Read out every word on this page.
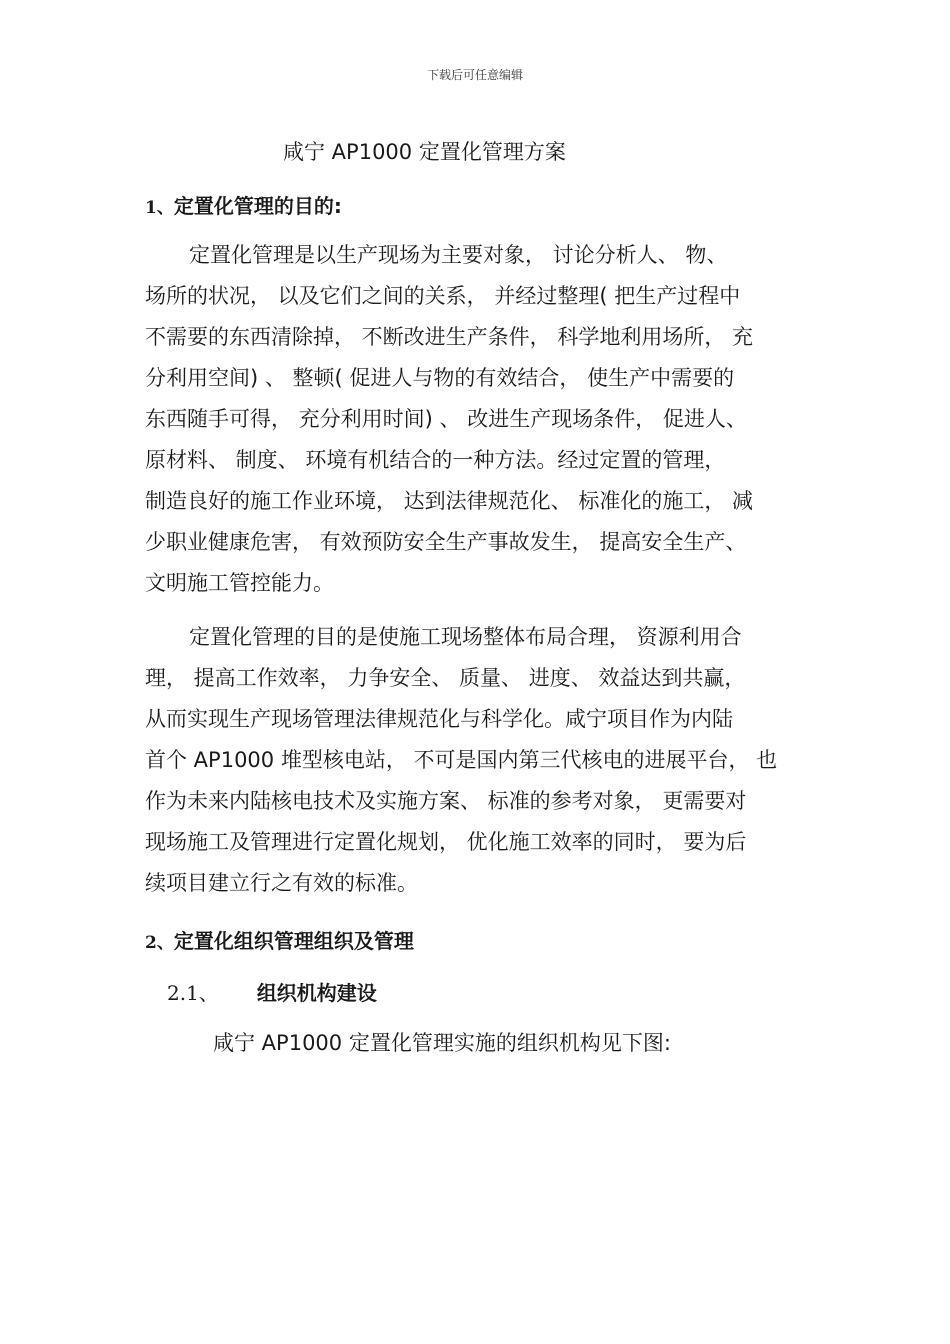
下载后可任意编辑
咸宁 AP1000 定置化管理方案
1、定置化管理的目的:
定置化管理是以生产现场为主要对象， 讨论分析人、 物、
场所的状况， 以及它们之间的关系， 并经过整理( 把生产过程中
不需要的东西清除掉， 不断改进生产条件， 科学地利用场所， 充
分利用空间) 、 整顿( 促进人与物的有效结合， 使生产中需要的
东西随手可得， 充分利用时间) 、 改进生产现场条件， 促进人、
原材料、 制度、 环境有机结合的一种方法。经过定置的管理，
制造良好的施工作业环境， 达到法律规范化、 标准化的施工， 减
少职业健康危害， 有效预防安全生产事故发生， 提高安全生产、
文明施工管控能力。
定置化管理的目的是使施工现场整体布局合理， 资源利用合
理， 提高工作效率， 力争安全、 质量、 进度、 效益达到共赢，
从而实现生产现场管理法律规范化与科学化。咸宁项目作为内陆
首个 AP1000 堆型核电站， 不可是国内第三代核电的进展平台， 也
作为未来内陆核电技术及实施方案、 标准的参考对象， 更需要对
现场施工及管理进行定置化规划， 优化施工效率的同时， 要为后
续项目建立行之有效的标准。
2、定置化组织管理组织及管理
2.1、 组织机构建设
咸宁 AP1000 定置化管理实施的组织机构见下图:
